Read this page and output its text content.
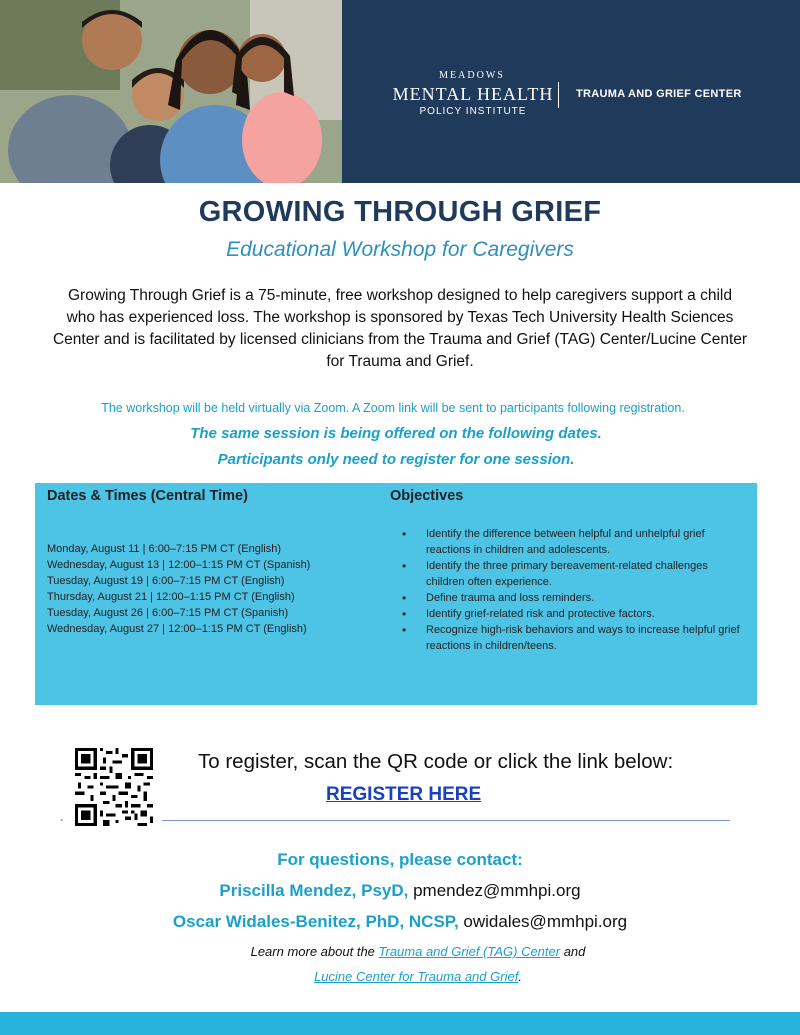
MEADOWS
MENTAL HEALTH
POLICY INSTITUTE
TRAUMA AND GRIEF CENTER
GROWING THROUGH GRIEF
Educational Workshop for Caregivers
Growing Through Grief is a 75-minute, free workshop designed to help caregivers support a child who has experienced loss. The workshop is sponsored by Texas Tech University Health Sciences Center and is facilitated by licensed clinicians from the Trauma and Grief (TAG) Center/Lucine Center for Trauma and Grief.
The workshop will be held virtually via Zoom. A Zoom link will be sent to participants following registration.
The same session is being offered on the following dates.
Participants only need to register for one session.
Dates & Times (Central Time)	Objectives
Monday, August 11 | 6:00–7:15 PM CT (English)
Wednesday, August 13 | 12:00–1:15 PM CT (Spanish)
Tuesday, August 19 | 6:00–7:15 PM CT (English)
Thursday, August 21 | 12:00–1:15 PM CT (English)
Tuesday, August 26 | 6:00–7:15 PM CT (Spanish)
Wednesday, August 27 | 12:00–1:15 PM CT (English)
• Identify the difference between helpful and unhelpful grief reactions in children and adolescents.
• Identify the three primary bereavement-related challenges children often experience.
• Define trauma and loss reminders.
• Identify grief-related risk and protective factors.
• Recognize high-risk behaviors and ways to increase helpful grief reactions in children/teens.
To register, scan the QR code or click the link below:
REGISTER HERE
-
For questions, please contact:
Priscilla Mendez, PsyD, pmendez@mmhpi.org
Oscar Widales-Benitez, PhD, NCSP, owidales@mmhpi.org
Learn more about the Trauma and Grief (TAG) Center and
Lucine Center for Trauma and Grief.
